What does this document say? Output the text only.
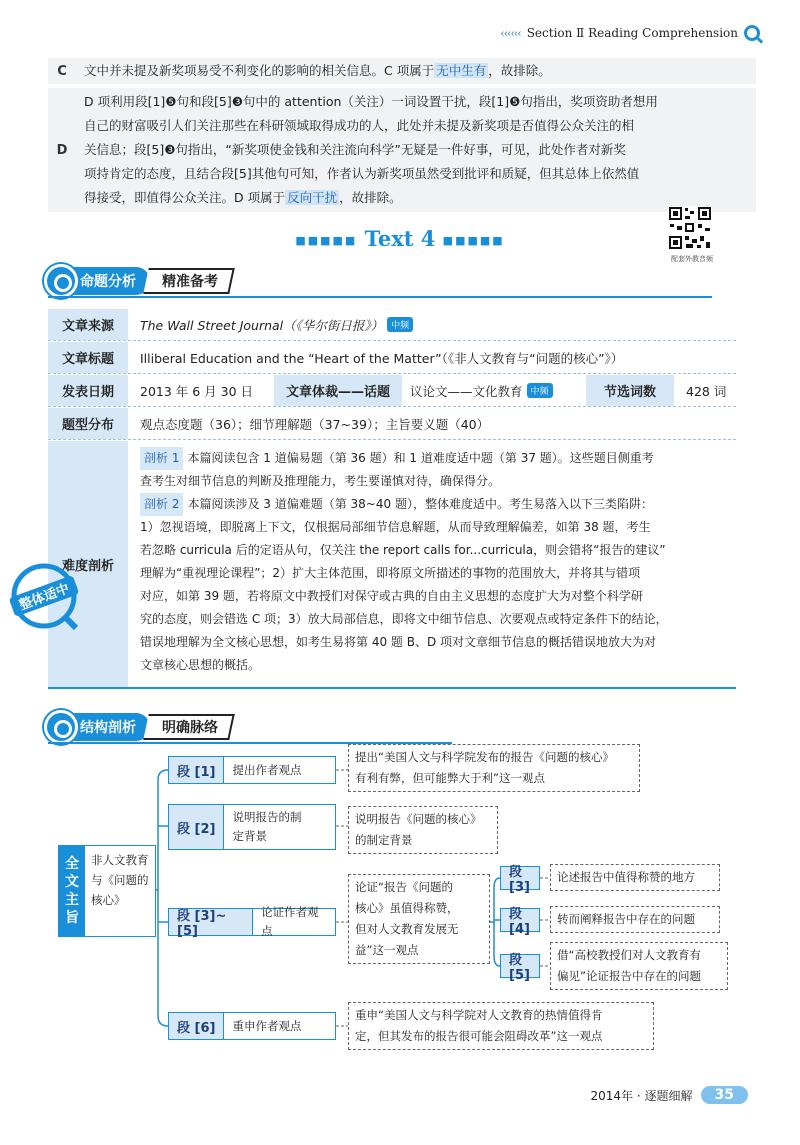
‹‹‹‹‹‹ Section Ⅱ Reading Comprehension
C	文中并未提及新奖项易受不利变化的影响的相关信息。C 项属于 无中生有 ，故排除。
D
D 项利用段[1]❺句和段[5]❸句中的 attention（关注）一词设置干扰，段[1]❺句指出，奖项资助者想用
自己的财富吸引人们关注那些在科研领域取得成功的人，此处并未提及新奖项是否值得公众关注的相
关信息；段[5]❸句指出，“新奖项使金钱和关注流向科学”无疑是一件好事，可见，此处作者对新奖
项持肯定的态度，且结合段[5]其他句可知，作者认为新奖项虽然受到批评和质疑，但其总体上依然值
得接受，即值得公众关注。D 项属于 反向干扰 ，故排除。
■■■■■ Text 4 ■■■■■
配套外教音频
命题分析 精准备考
文章来源	The Wall Street Journal（《华尔街日报》） 中频
文章标题	Illiberal Education and the “Heart of the Matter”（《非人文教育与“问题的核心”》）
发表日期	2013 年 6 月 30 日	文章体裁——话题	议论文——文化教育 中频	节选词数	428 词
题型分布	观点态度题（36）；细节理解题（37~39）；主旨要义题（40）
难度剖析
剖析 1 本篇阅读包含 1 道偏易题（第 36 题）和 1 道难度适中题（第 37 题）。这些题目侧重考
查考生对细节信息的判断及推理能力，考生要谨慎对待，确保得分。
剖析 2 本篇阅读涉及 3 道偏难题（第 38~40 题），整体难度适中。考生易落入以下三类陷阱：
1）忽视语境，即脱离上下文，仅根据局部细节信息解题，从而导致理解偏差，如第 38 题，考生
若忽略 curricula 后的定语从句，仅关注 the report calls for...curricula，则会错将“报告的建议”
理解为“重视理论课程”；2）扩大主体范围，即将原文所描述的事物的范围放大，并将其与错项
对应，如第 39 题，若将原文中教授们对保守或古典的自由主义思想的态度扩大为对整个科学研
究的态度，则会错选 C 项；3）放大局部信息，即将文中细节信息、次要观点或特定条件下的结论，
错误地理解为全文核心思想，如考生易将第 40 题 B、D 项对文章细节信息的概括错误地放大为对
文章核心思想的概括。
整体适中
结构剖析 明确脉络
全
文
主
旨
非人文教育与《问题的核心》
段 [1]	提出作者观点
提出“美国人文与科学院发布的报告《问题的核心》
有利有弊，但可能弊大于利”这一观点
段 [2]
说明报告的制
定背景
说明报告《问题的核心》
的制定背景
段 [3]~[5]
论证作者观点
论证“报告《问题的
核心》虽值得称赞，
但对人文教育发展无
益”这一观点
段 [3]
论述报告中值得称赞的地方
段 [4]
转而阐释报告中存在的问题
段 [5]
借“高校教授们对人文教育有
偏见”论证报告中存在的问题
段 [6]	重申作者观点
重申“美国人文与科学院对人文教育的热情值得肯
定，但其发布的报告很可能会阻碍改革”这一观点
2014年 · 逐题细解	35
